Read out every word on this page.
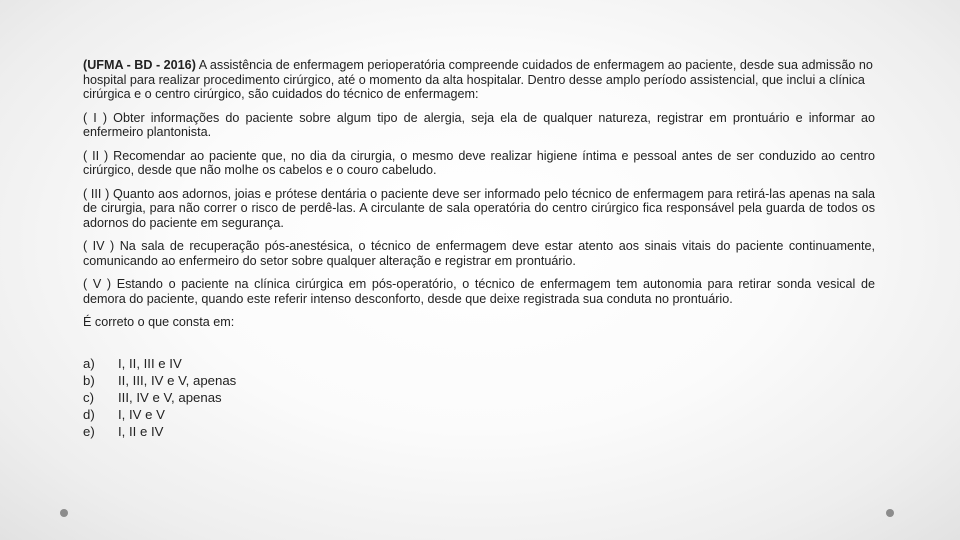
(UFMA - BD - 2016) A assistência de enfermagem perioperatória compreende cuidados de enfermagem ao paciente, desde sua admissão no hospital para realizar procedimento cirúrgico, até o momento da alta hospitalar. Dentro desse amplo período assistencial, que inclui a clínica cirúrgica e o centro cirúrgico, são cuidados do técnico de enfermagem:

( I ) Obter informações do paciente sobre algum tipo de alergia, seja ela de qualquer natureza, registrar em prontuário e informar ao enfermeiro plantonista.

( II ) Recomendar ao paciente que, no dia da cirurgia, o mesmo deve realizar higiene íntima e pessoal antes de ser conduzido ao centro cirúrgico, desde que não molhe os cabelos e o couro cabeludo.

( III ) Quanto aos adornos, joias e prótese dentária o paciente deve ser informado pelo técnico de enfermagem para retirá-las apenas na sala de cirurgia, para não correr o risco de perdê-las. A circulante de sala operatória do centro cirúrgico fica responsável pela guarda de todos os adornos do paciente em segurança.

( IV ) Na sala de recuperação pós-anestésica, o técnico de enfermagem deve estar atento aos sinais vitais do paciente continuamente, comunicando ao enfermeiro do setor sobre qualquer alteração e registrar em prontuário.

( V ) Estando o paciente na clínica cirúrgica em pós-operatório, o técnico de enfermagem tem autonomia para retirar sonda vesical de demora do paciente, quando este referir intenso desconforto, desde que deixe registrada sua conduta no prontuário.

É correto o que consta em:

a)	I, II, III e IV
b)	II, III, IV e V, apenas
c)	III, IV e V, apenas
d)	I, IV e V
e)	I, II e IV
